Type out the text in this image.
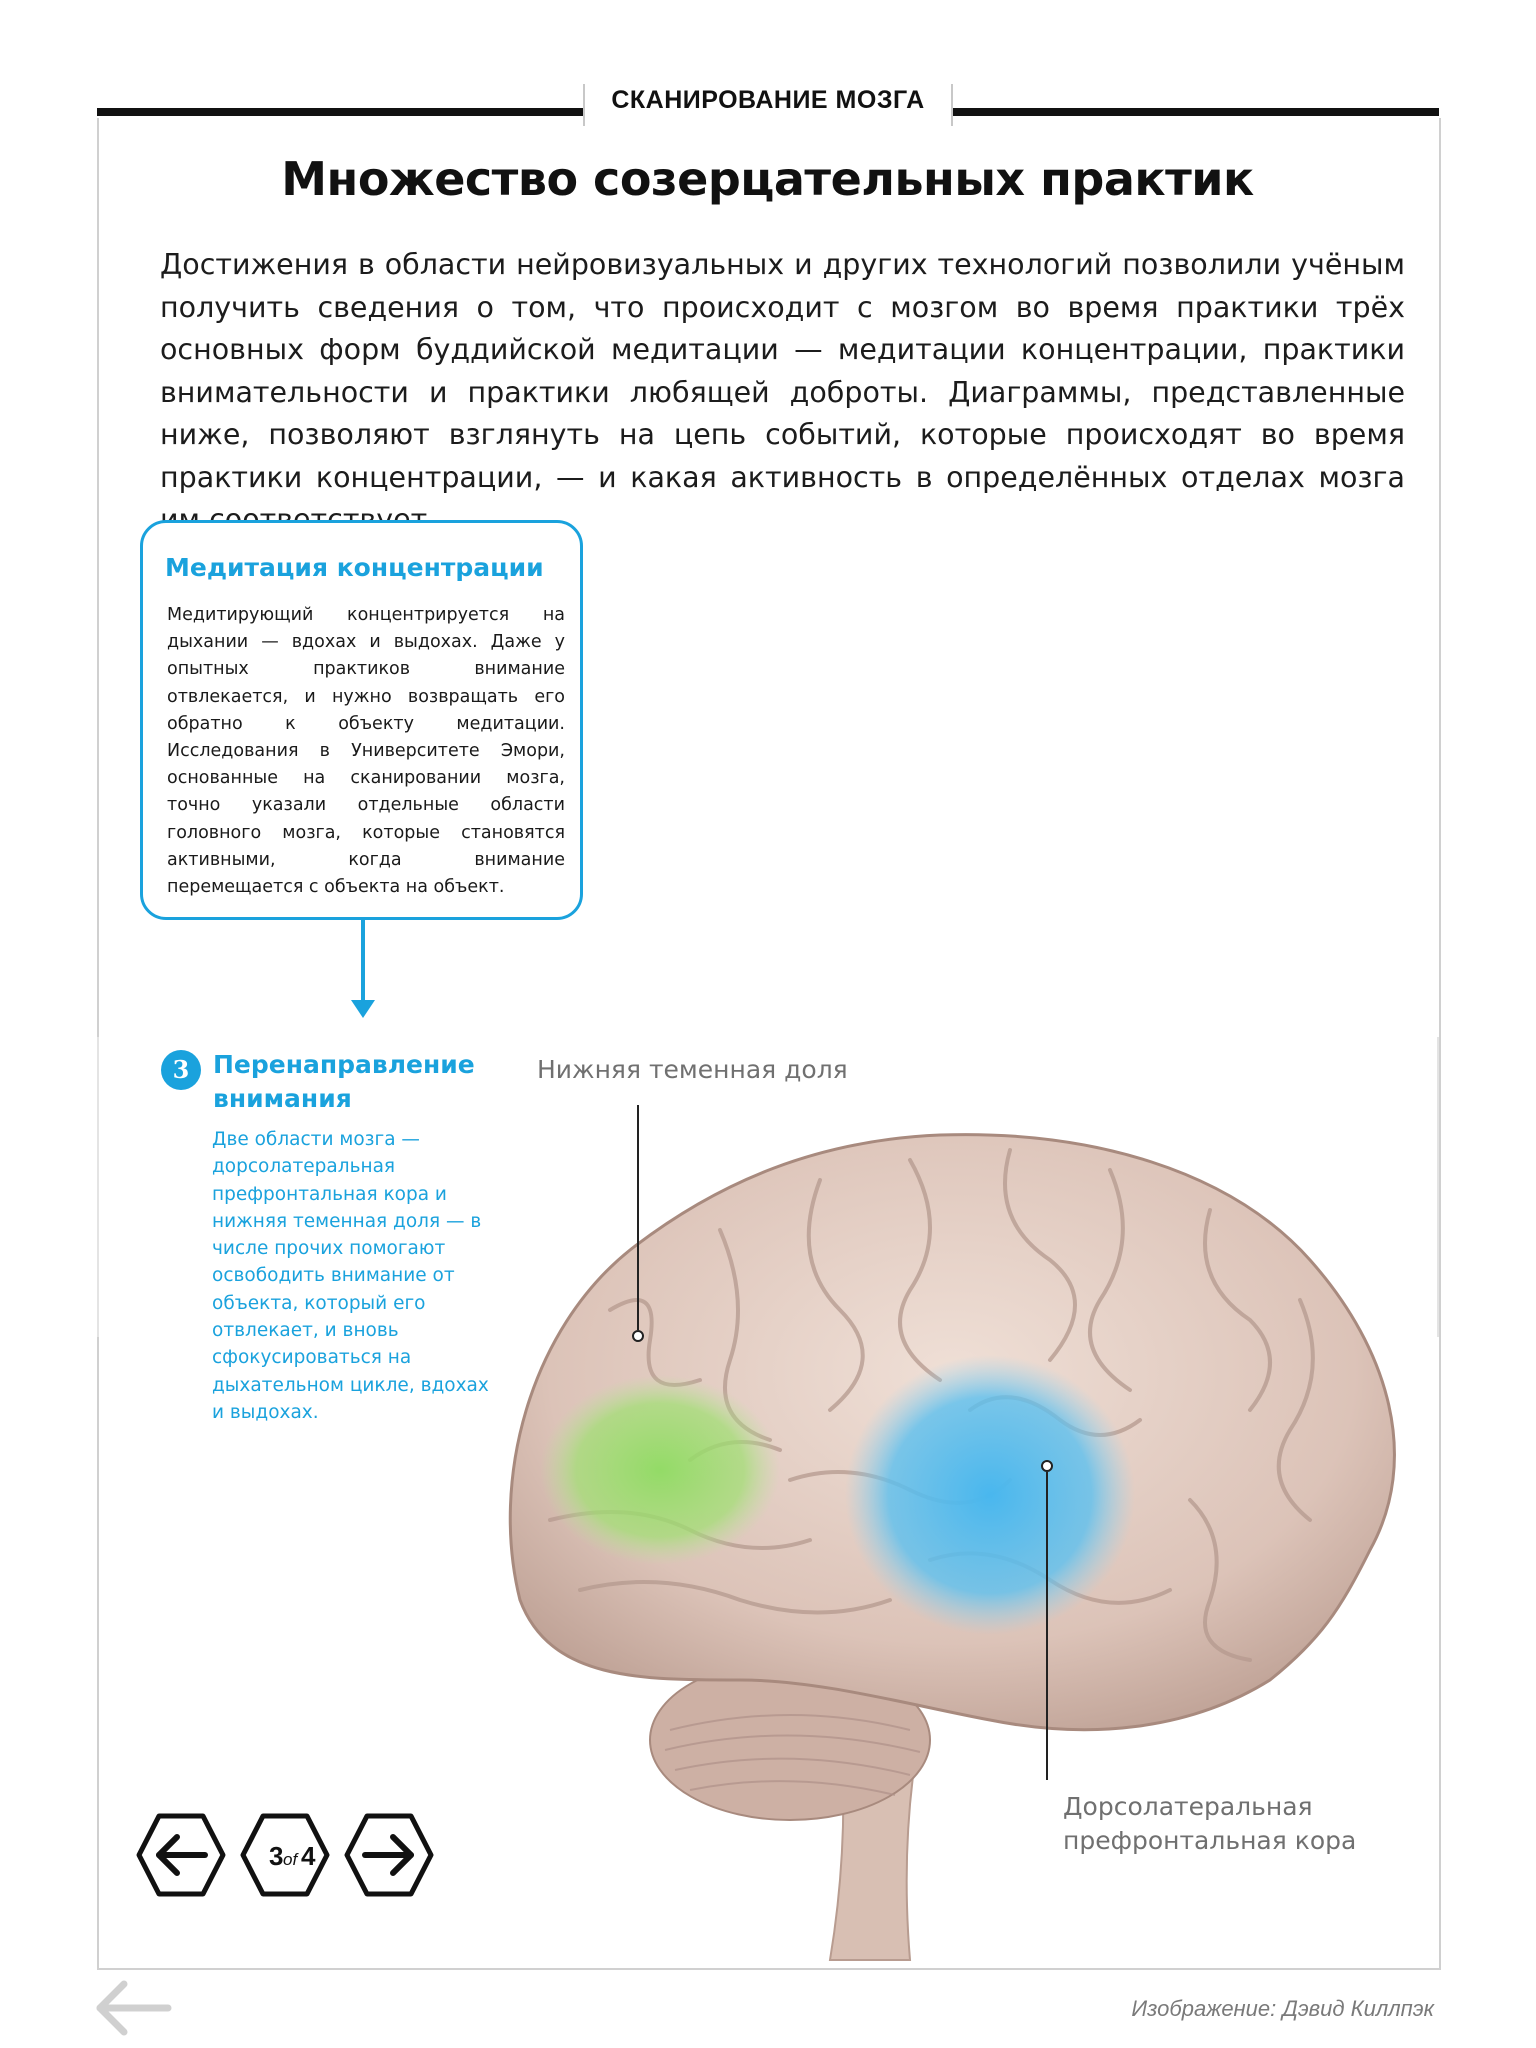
СКАНИРОВАНИЕ МОЗГА
Множество созерцательных практик
Достижения в области нейровизуальных и других технологий позволили учёным получить сведения о том, что происходит с мозгом во время практики трёх основных форм буддийской медитации — медитации концентрации, практики внимательности и практики любящей доброты. Диаграммы, представленные ниже, позволяют взглянуть на цепь событий, которые происходят во время практики концентрации, — и какая активность в определённых отделах мозга
Медитация концентрации
Медитирующий концентрируется на дыхании — вдохах и выдохах. Даже у опытных практиков внимание отвлекается, и нужно возвращать его обратно к объекту медитации. Исследования в Университете Эмори, основанные на сканировании мозга, точно указали отдельные области головного мозга, которые становятся активными, когда внимание перемещается с объекта на объект.
3 Перенаправление внимания
Две области мозга — дорсолатеральная префронтальная кора и нижняя теменная доля — в числе прочих помогают освободить внимание от объекта, который его отвлекает, и вновь сфокусироваться на дыхательном цикле, вдохах и выдохах.
Нижняя теменная доля
Дорсолатеральная префронтальная кора
3 of 4
Изображение: Дэвид Киллпэк
